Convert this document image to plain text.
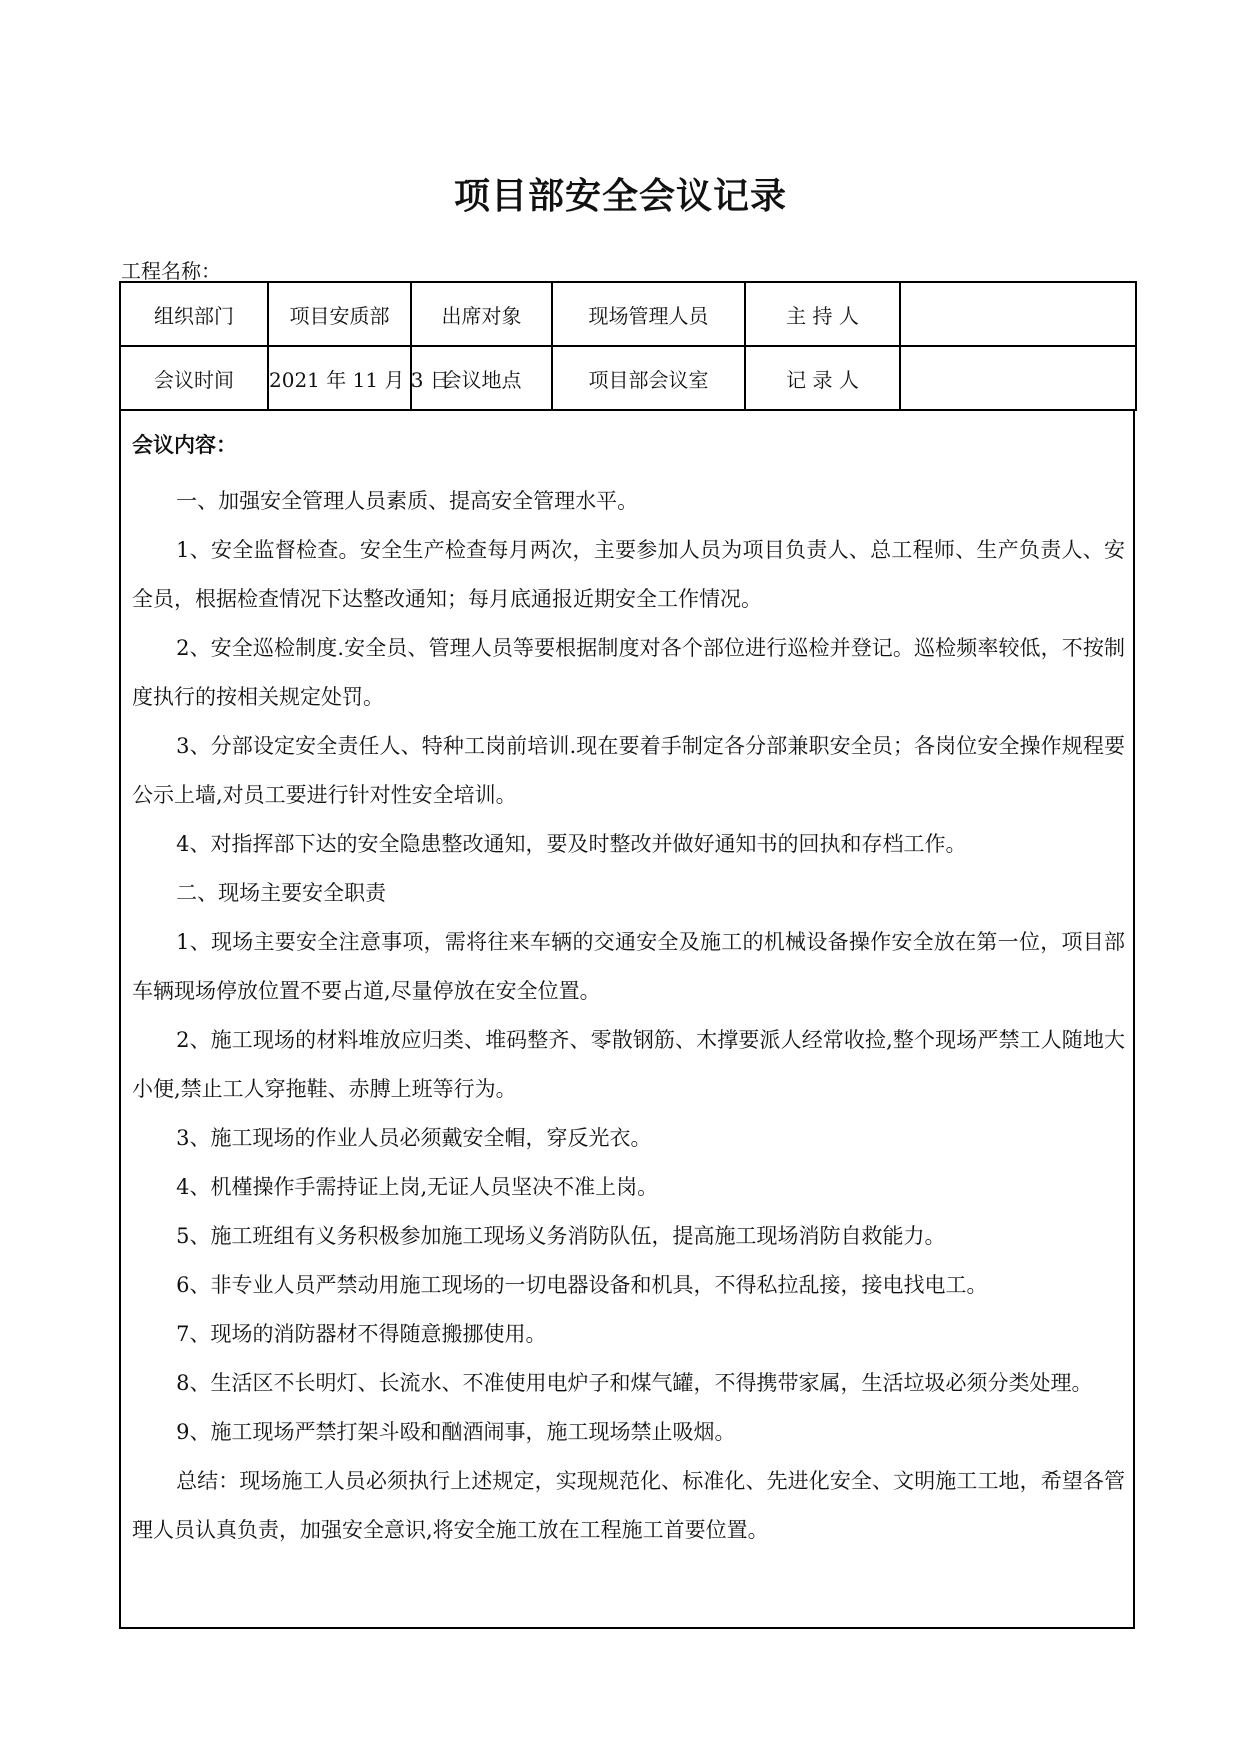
项目部安全会议记录
工程名称：
组织部门	项目安质部	出席对象	现场管理人员	主 持 人	
会议时间	2021 年 11 月 3 日	会议地点	项目部会议室	记 录 人	
会议内容：

一、加强安全管理人员素质、提高安全管理水平。

1、安全监督检查。安全生产检查每月两次，主要参加人员为项目负责人、总工程师、生产负责人、安全员，根据检查情况下达整改通知；每月底通报近期安全工作情况。

2、安全巡检制度.安全员、管理人员等要根据制度对各个部位进行巡检并登记。巡检频率较低，不按制度执行的按相关规定处罚。

3、分部设定安全责任人、特种工岗前培训.现在要着手制定各分部兼职安全员；各岗位安全操作规程要公示上墙,对员工要进行针对性安全培训。

4、对指挥部下达的安全隐患整改通知，要及时整改并做好通知书的回执和存档工作。

二、现场主要安全职责

1、现场主要安全注意事项，需将往来车辆的交通安全及施工的机械设备操作安全放在第一位，项目部车辆现场停放位置不要占道,尽量停放在安全位置。

2、施工现场的材料堆放应归类、堆码整齐、零散钢筋、木撑要派人经常收捡,整个现场严禁工人随地大小便,禁止工人穿拖鞋、赤膊上班等行为。

3、施工现场的作业人员必须戴安全帽，穿反光衣。

4、机槿操作手需持证上岗,无证人员坚决不准上岗。

5、施工班组有义务积极参加施工现场义务消防队伍，提高施工现场消防自救能力。

6、非专业人员严禁动用施工现场的一切电器设备和机具，不得私拉乱接，接电找电工。

7、现场的消防器材不得随意搬挪使用。

8、生活区不长明灯、长流水、不准使用电炉子和煤气罐，不得携带家属，生活垃圾必须分类处理。

9、施工现场严禁打架斗殴和酗酒闹事，施工现场禁止吸烟。

总结：现场施工人员必须执行上述规定，实现规范化、标准化、先进化安全、文明施工工地，希望各管理人员认真负责，加强安全意识,将安全施工放在工程施工首要位置。
